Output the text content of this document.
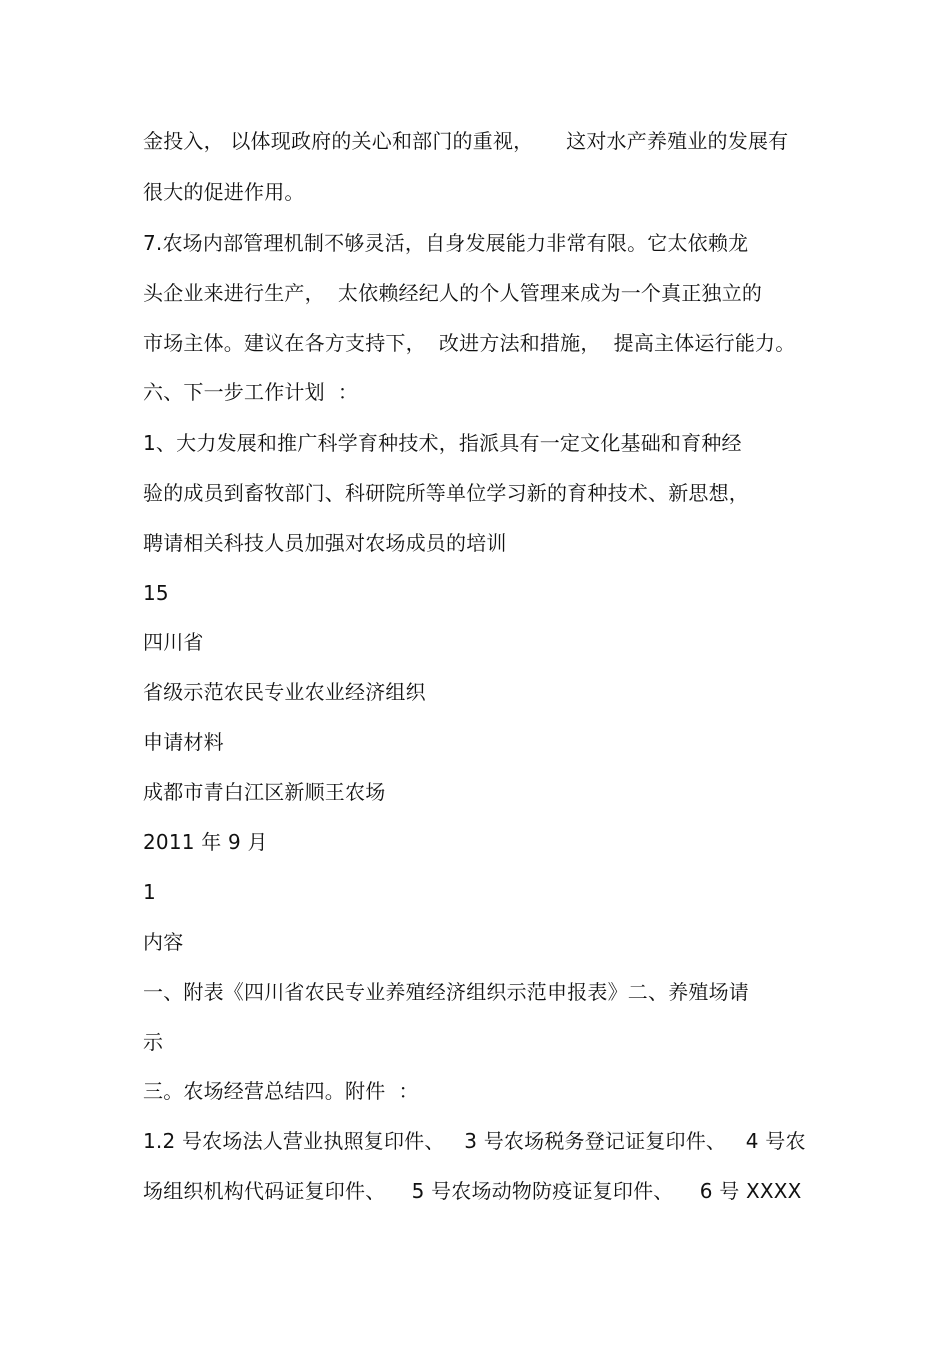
金投入， 以体现政府的关心和部门的重视，     这对水产养殖业的发展有
很大的促进作用。
7.农场内部管理机制不够灵活，自身发展能力非常有限。它太依赖龙
头企业来进行生产，  太依赖经纪人的个人管理来成为一个真正独立的
市场主体。建议在各方支持下，  改进方法和措施，  提高主体运行能力。
六、下一步工作计划  ：
1、大力发展和推广科学育种技术，指派具有一定文化基础和育种经
验的成员到畜牧部门、科研院所等单位学习新的育种技术、新思想，
聘请相关科技人员加强对农场成员的培训
15
四川省
省级示范农民专业农业经济组织
申请材料
成都市青白江区新顺王农场
2011 年 9 月
1
内容
一、附表《四川省农民专业养殖经济组织示范申报表》二、养殖场请
示
三。农场经营总结四。附件  ：
1.2 号农场法人营业执照复印件、   3 号农场税务登记证复印件、   4 号农
场组织机构代码证复印件、    5 号农场动物防疫证复印件、    6 号 XXXX
